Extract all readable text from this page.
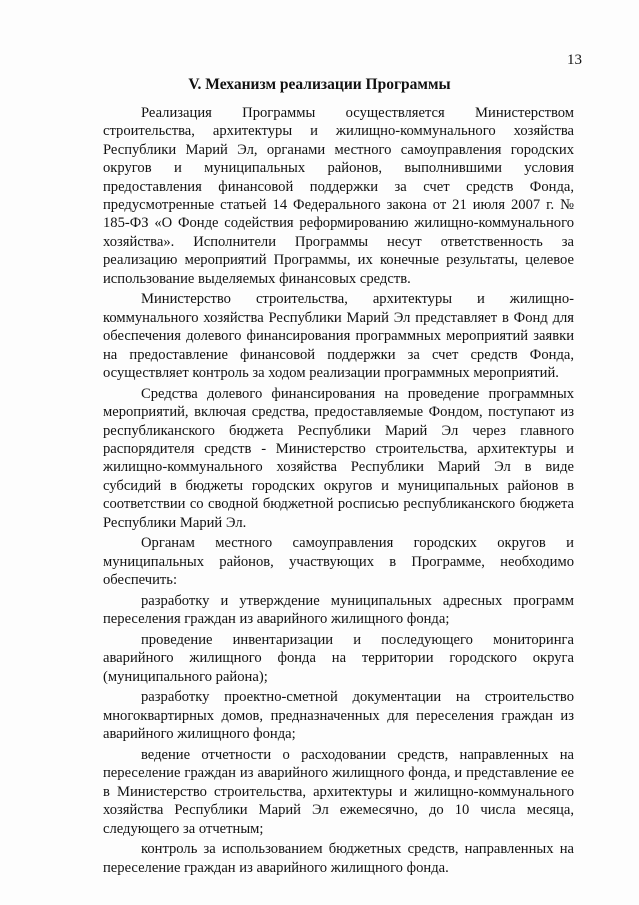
13
V. Механизм реализации Программы

Реализация Программы осуществляется Министерством строительства, архитектуры и жилищно-коммунального хозяйства Республики Марий Эл, органами местного самоуправления городских округов и муниципальных районов, выполнившими условия предоставления финансовой поддержки за счет средств Фонда, предусмотренные статьей 14 Федерального закона от 21 июля 2007 г. № 185-ФЗ «О Фонде содействия реформированию жилищно-коммунального хозяйства». Исполнители Программы несут ответственность за реализацию мероприятий Программы, их конечные результаты, целевое использование выделяемых финансовых средств.

Министерство строительства, архитектуры и жилищно-коммунального хозяйства Республики Марий Эл представляет в Фонд для обеспечения долевого финансирования программных мероприятий заявки на предоставление финансовой поддержки за счет средств Фонда, осуществляет контроль за ходом реализации программных мероприятий.

Средства долевого финансирования на проведение программных мероприятий, включая средства, предоставляемые Фондом, поступают из республиканского бюджета Республики Марий Эл через главного распорядителя средств - Министерство строительства, архитектуры и жилищно-коммунального хозяйства Республики Марий Эл в виде субсидий в бюджеты городских округов и муниципальных районов в соответствии со сводной бюджетной росписью республиканского бюджета Республики Марий Эл.

Органам местного самоуправления городских округов и муниципальных районов, участвующих в Программе, необходимо обеспечить:

разработку и утверждение муниципальных адресных программ переселения граждан из аварийного жилищного фонда;

проведение инвентаризации и последующего мониторинга аварийного жилищного фонда на территории городского округа (муниципального района);

разработку проектно-сметной документации на строительство многоквартирных домов, предназначенных для переселения граждан из аварийного жилищного фонда;

ведение отчетности о расходовании средств, направленных на переселение граждан из аварийного жилищного фонда, и представление ее в Министерство строительства, архитектуры и жилищно-коммунального хозяйства Республики Марий Эл ежемесячно, до 10 числа месяца, следующего за отчетным;

контроль за использованием бюджетных средств, направленных на переселение граждан из аварийного жилищного фонда.
